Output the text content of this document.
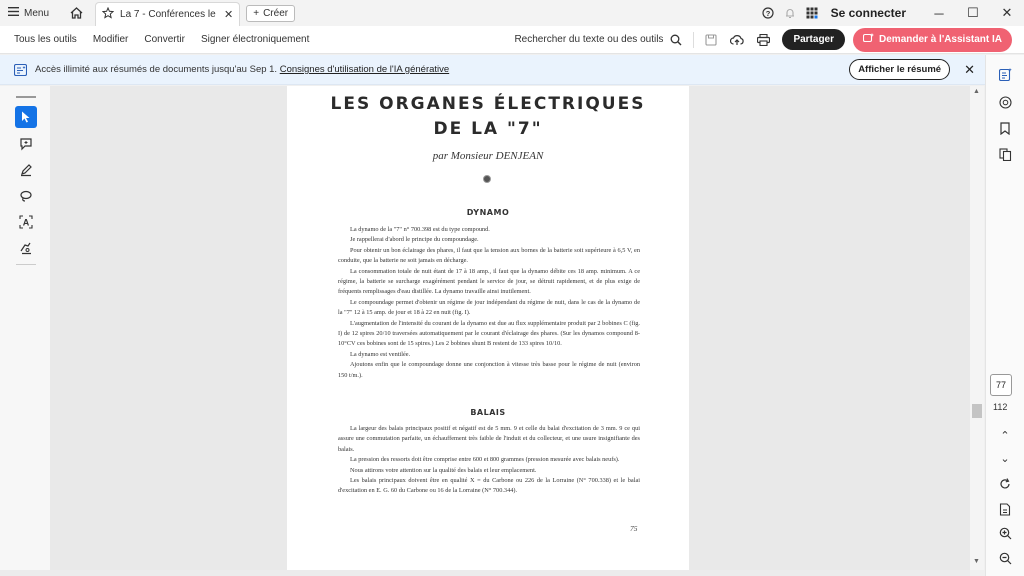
Menu	La 7 - Conférences le ✕ + Créer	?	Se connecter	─	☐	✕
Tous les outils Modifier Convertir Signer électroniquement	Rechercher du texte ou des outils	Partager	Demander à l'Assistant IA
Accès illimité aux résumés de documents jusqu'au Sep 1. Consignes d'utilisation de l'IA générative	Afficher le résumé	✕
A
LES ORGANES ÉLECTRIQUES
DE LA "7"
par Monsieur DENJEAN
DYNAMO

La dynamo de la "7" n° 700.398 est du type compound.

Je rappellerai d'abord le principe du compoundage.

Pour obtenir un bon éclairage des phares, il faut que la tension aux bornes de la batterie soit supérieure à 6,5 V, en conduite, que la batterie ne soit jamais en décharge.

La consommation totale de nuit étant de 17 à 18 amp., il faut que la dynamo débite ces 18 amp. minimum. A ce régime, la batterie se surcharge exagérément pendant le service de jour, se détruit rapidement, et de plus exige de fréquents remplissages d'eau distillée. La dynamo travaille ainsi inutilement.

Le compoundage permet d'obtenir un régime de jour indépendant du régime de nuit, dans le cas de la dynamo de la "7" 12 à 15 amp. de jour et 18 à 22 en nuit (fig. I).

L'augmentation de l'intensité du courant de la dynamo est due au flux supplémentaire produit par 2 bobines C (fig. I) de 12 spires 20/10 traversées automatiquement par le courant d'éclairage des phares. (Sur les dynamos compound 8-10°CV ces bobines sont de 15 spires.) Les 2 bobines shunt B restent de 133 spires 10/10.

La dynamo est ventilée.

Ajoutons enfin que le compoundage donne une conjonction à vitesse très basse pour le régime de nuit (environ 150 t/m.).

BALAIS

La largeur des balais principaux positif et négatif est de 5 mm. 9 et celle du balai d'excitation de 3 mm. 9 ce qui assure une commutation parfaite, un échauffement très faible de l'induit et du collecteur, et une usure insignifiante des balais.

La pression des ressorts doit être comprise entre 600 et 800 grammes (pression mesurée avec balais neufs).

Nous attirons votre attention sur la qualité des balais et leur emplacement.

Les balais principaux doivent être en qualité X = du Carbone ou 226 de la Lorraine (N° 700.338) et le balai d'excitation en E. G. 60 du Carbone ou 16 de la Lorraine (N° 700.344).

75
▲
▼
77
112
⌃
⌄
